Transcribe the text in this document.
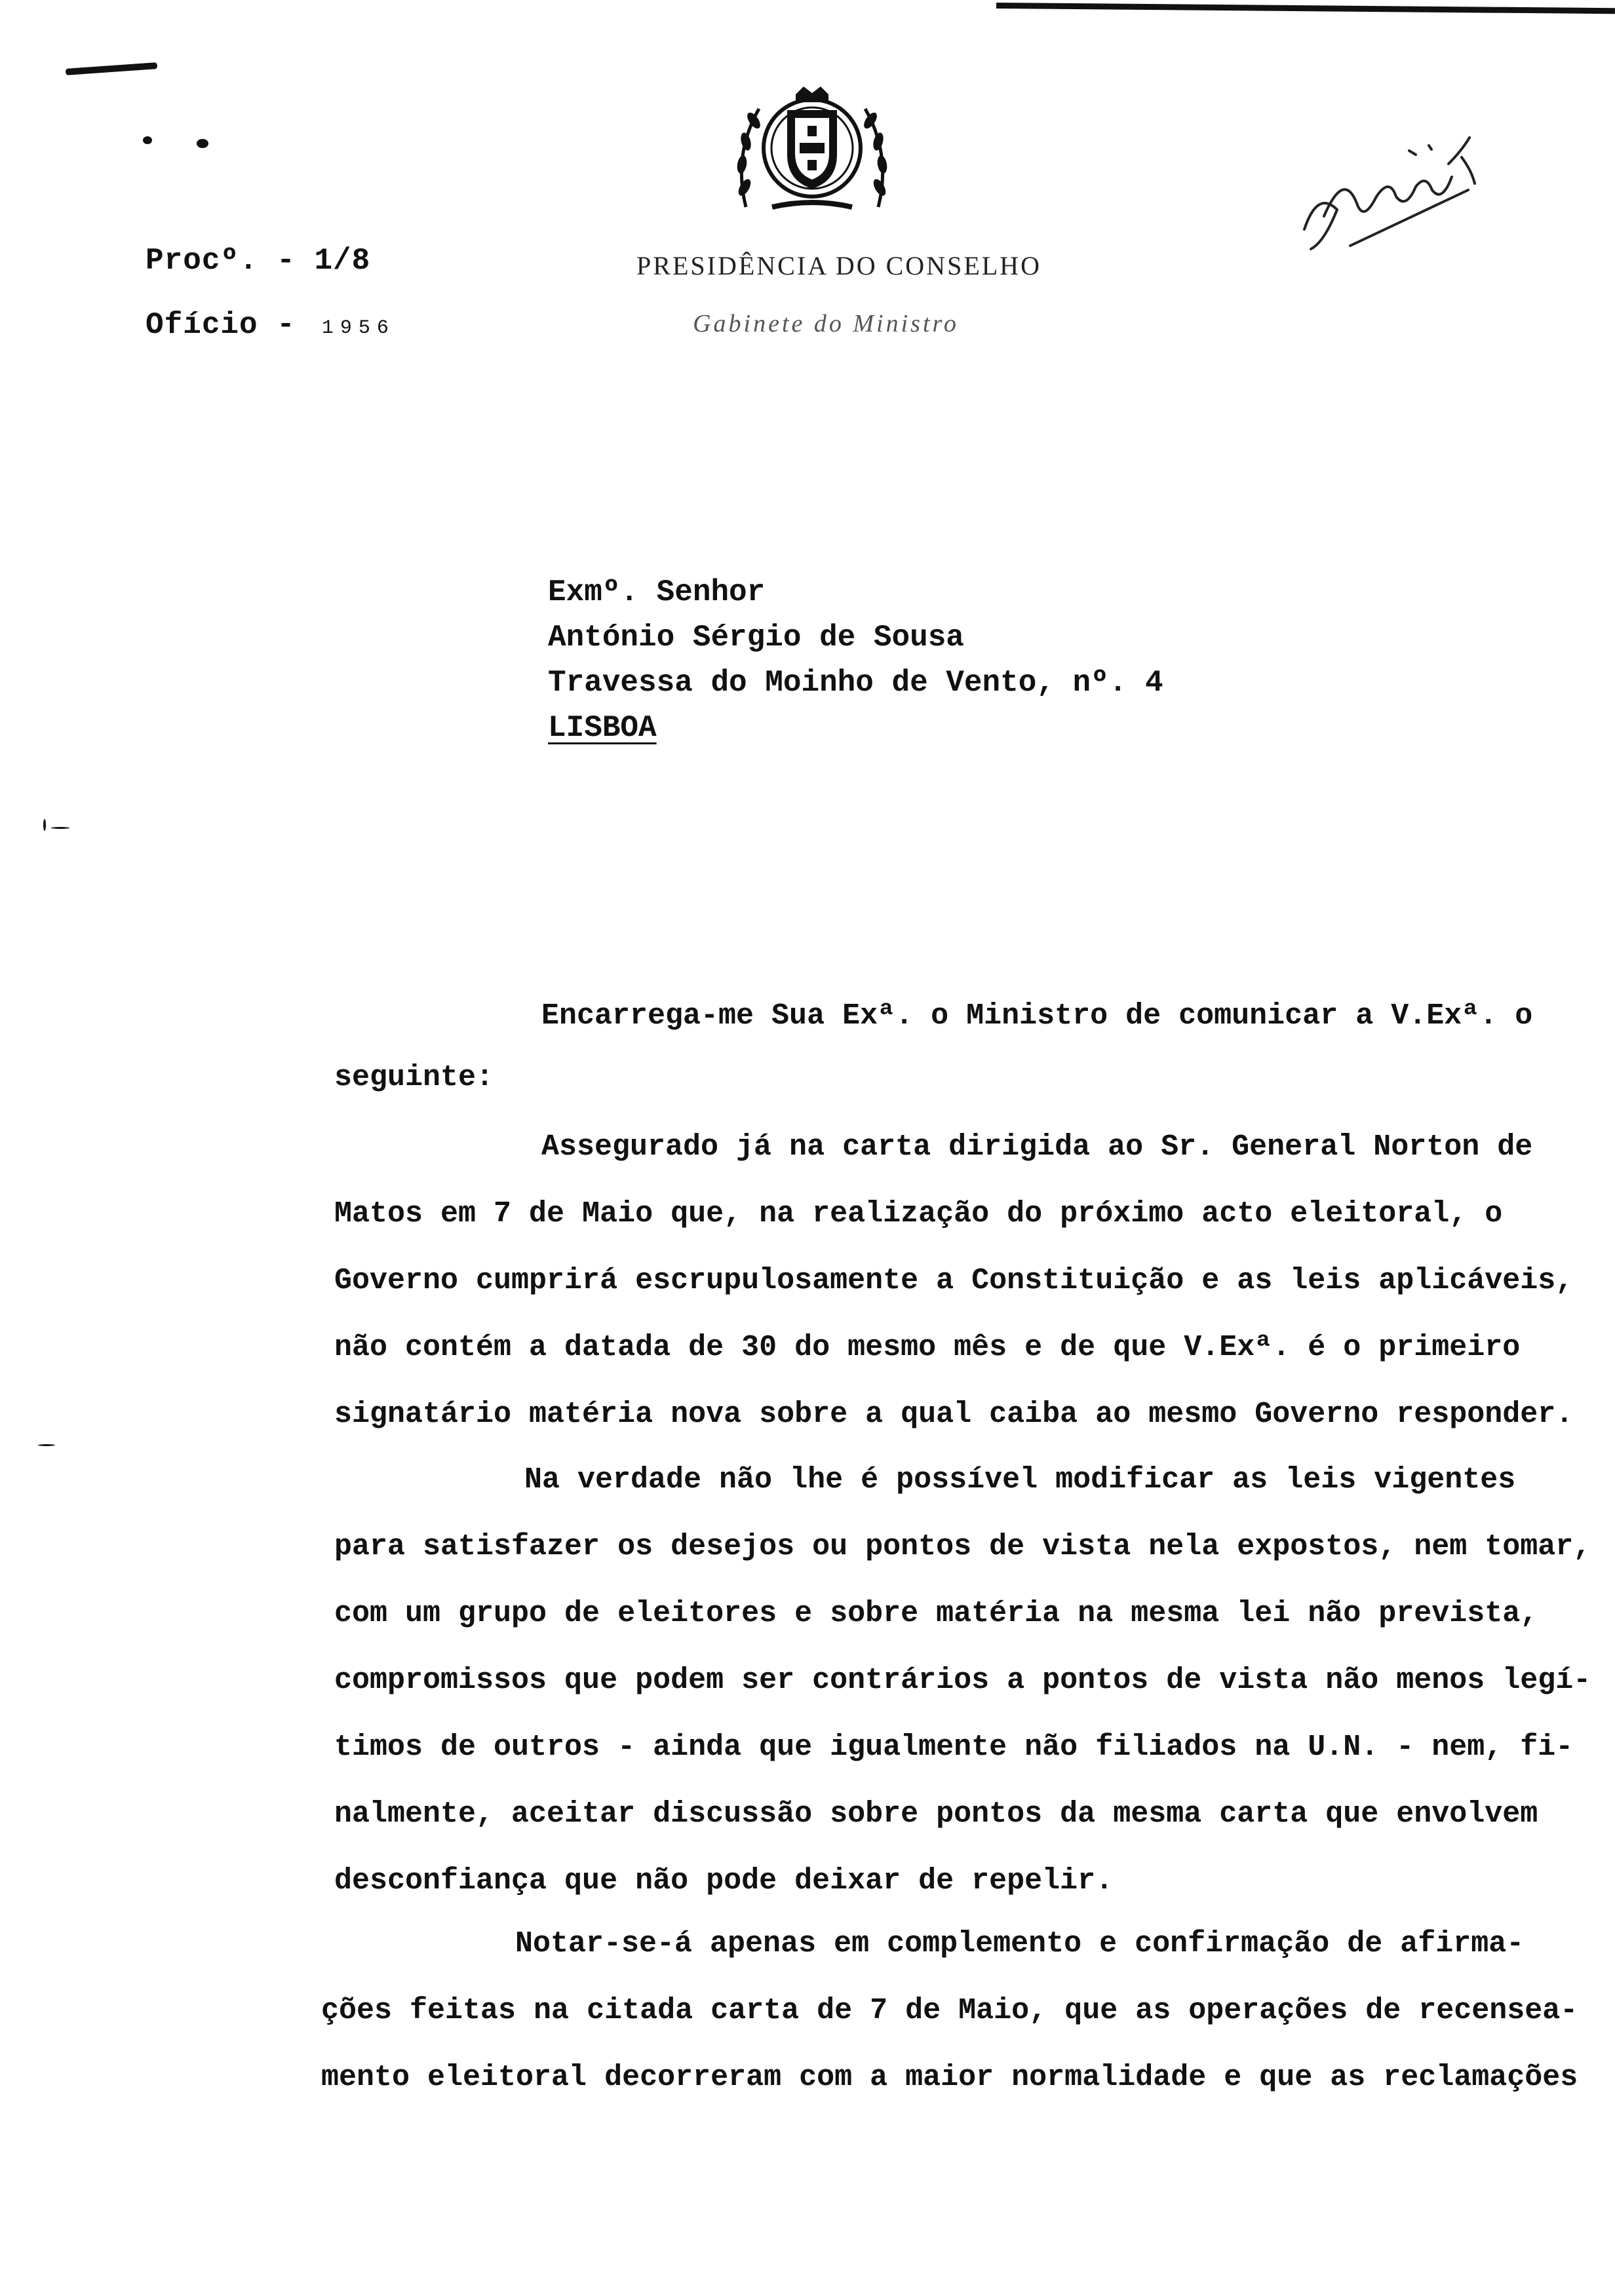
Procº. - 1/8
Ofício - 1956
PRESIDÊNCIA DO CONSELHO
Gabinete do Ministro
Exmº. Senhor
António Sérgio de Sousa
Travessa do Moinho de Vento, nº. 4
LISBOA
Encarrega-me Sua Exª. o Ministro de comunicar a V.Exª. o
seguinte:
Assegurado já na carta dirigida ao Sr. General Norton de
Matos em 7 de Maio que, na realização do próximo acto eleitoral, o
Governo cumprirá escrupulosamente a Constituição e as leis aplicáveis,
não contém a datada de 30 do mesmo mês e de que V.Exª. é o primeiro
signatário matéria nova sobre a qual caiba ao mesmo Governo responder.
Na verdade não lhe é possível modificar as leis vigentes
para satisfazer os desejos ou pontos de vista nela expostos, nem tomar,
com um grupo de eleitores e sobre matéria na mesma lei não prevista,
compromissos que podem ser contrários a pontos de vista não menos legí-
timos de outros - ainda que igualmente não filiados na U.N. - nem, fi-
nalmente, aceitar discussão sobre pontos da mesma carta que envolvem
desconfiança que não pode deixar de repelir.
Notar-se-á apenas em complemento e confirmação de afirma-
ções feitas na citada carta de 7 de Maio, que as operações de recensea-
mento eleitoral decorreram com a maior normalidade e que as reclamações
